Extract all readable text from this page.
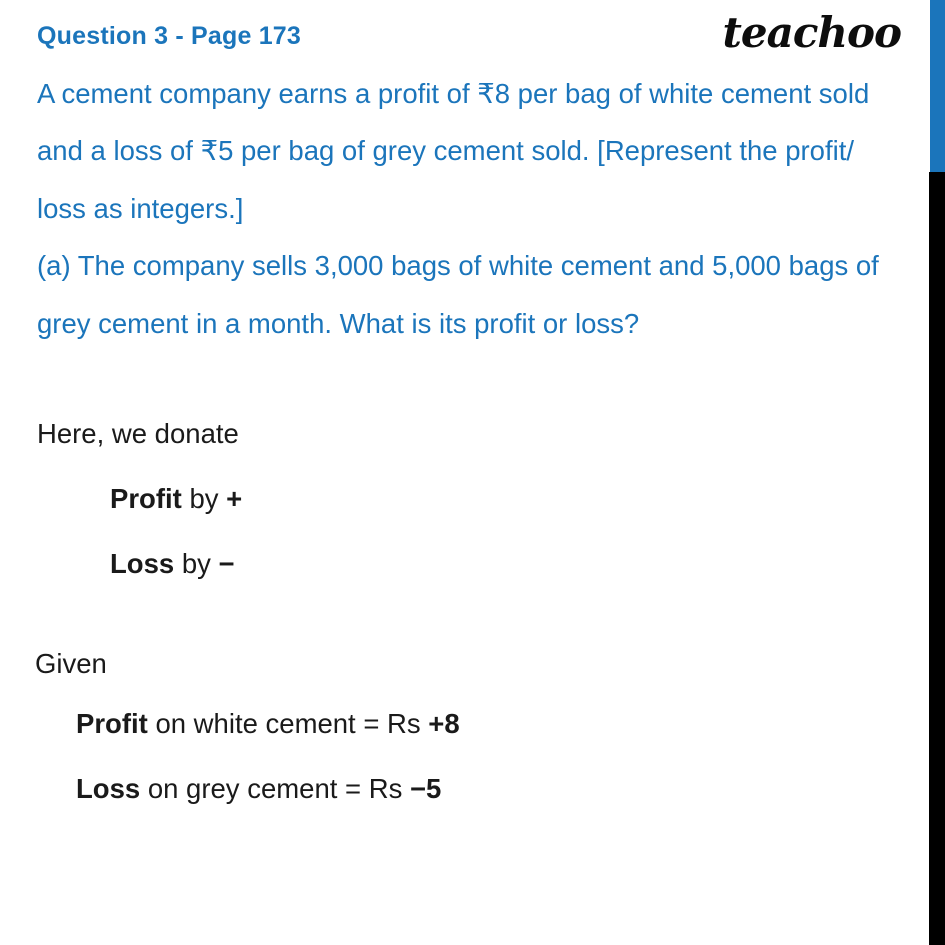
Question 3 - Page 173	teachoo
A cement company earns a profit of ₹8 per bag of white cement sold
and a loss of ₹5 per bag of grey cement sold. [Represent the profit/
loss as integers.]
(a) The company sells 3,000 bags of white cement and 5,000 bags of
grey cement in a month. What is its profit or loss?
Here, we donate
Profit by +
Loss by −
Given
Profit on white cement = Rs +8
Loss on grey cement = Rs −5
